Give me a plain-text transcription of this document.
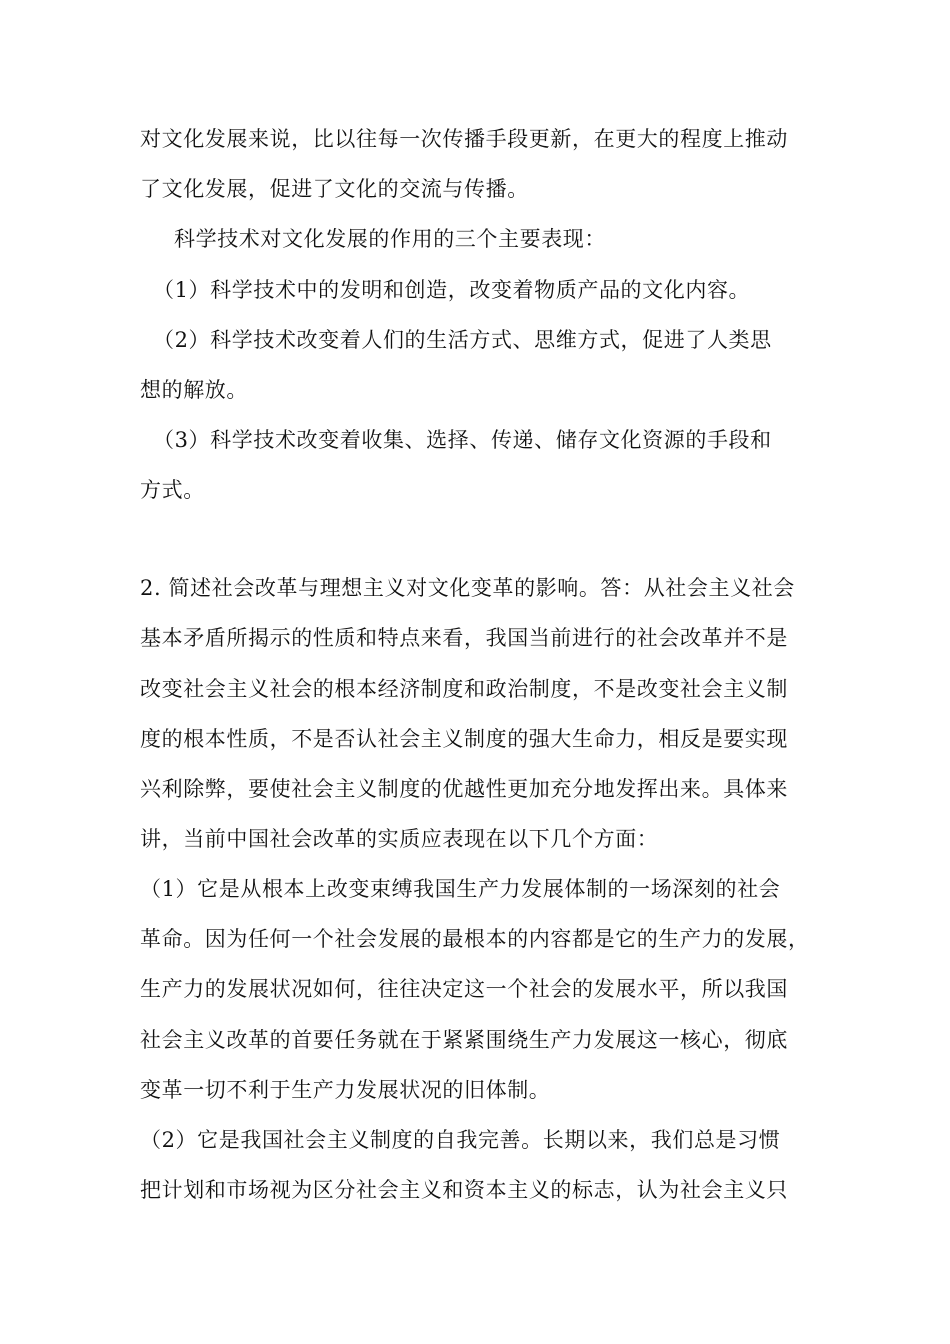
对文化发展来说，比以往每一次传播手段更新，在更大的程度上推动

了文化发展，促进了文化的交流与传播。

科学技术对文化发展的作用的三个主要表现：

（1）科学技术中的发明和创造，改变着物质产品的文化内容。

（2）科学技术改变着人们的生活方式、思维方式，促进了人类思

想的解放。

（3）科学技术改变着收集、选择、传递、储存文化资源的手段和

方式。

2. 简述社会改革与理想主义对文化变革的影响。答：从社会主义社会

基本矛盾所揭示的性质和特点来看，我国当前进行的社会改革并不是

改变社会主义社会的根本经济制度和政治制度，不是改变社会主义制

度的根本性质，不是否认社会主义制度的强大生命力，相反是要实现

兴利除弊，要使社会主义制度的优越性更加充分地发挥出来。具体来

讲，当前中国社会改革的实质应表现在以下几个方面：

（1）它是从根本上改变束缚我国生产力发展体制的一场深刻的社会

革命。因为任何一个社会发展的最根本的内容都是它的生产力的发展，

生产力的发展状况如何，往往决定这一个社会的发展水平，所以我国

社会主义改革的首要任务就在于紧紧围绕生产力发展这一核心，彻底

变革一切不利于生产力发展状况的旧体制。

（2）它是我国社会主义制度的自我完善。长期以来，我们总是习惯

把计划和市场视为区分社会主义和资本主义的标志，认为社会主义只
